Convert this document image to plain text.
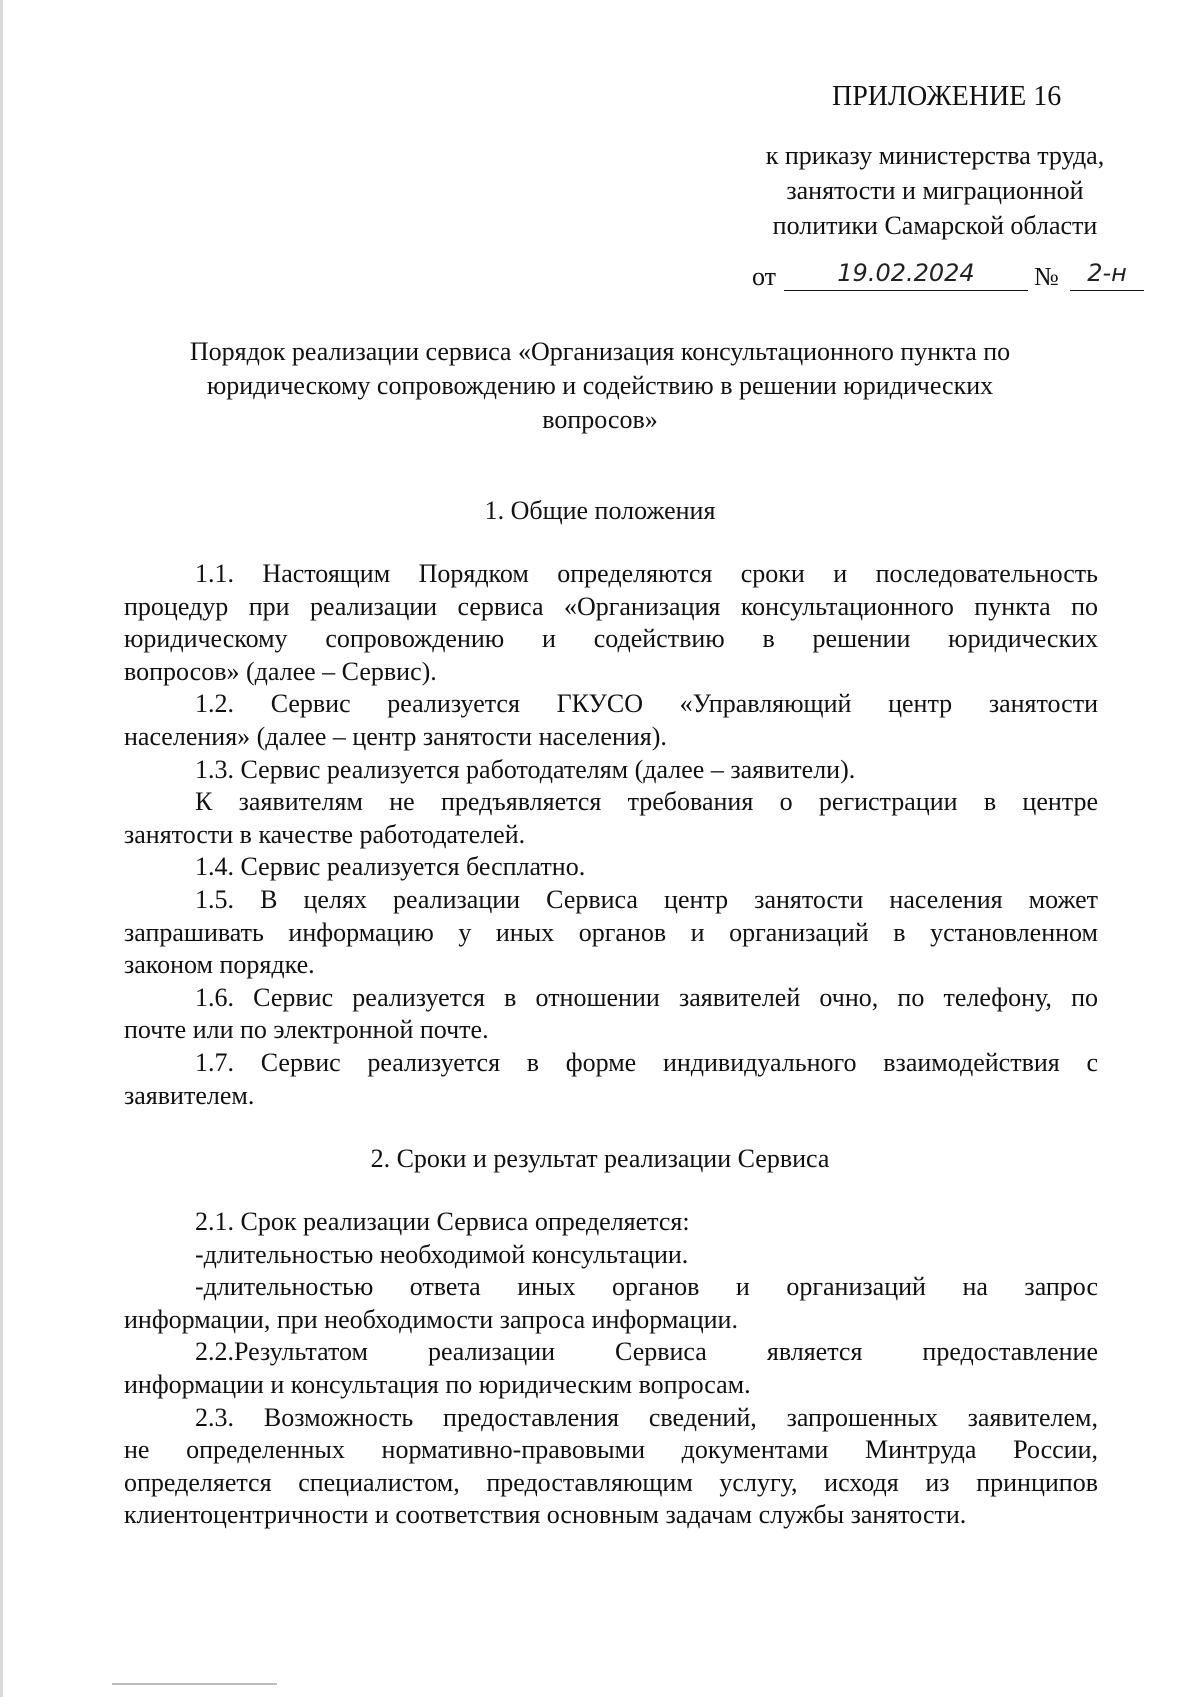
ПРИЛОЖЕНИЕ 16
к приказу министерства труда,
занятости и миграционной
политики Самарской области
от	19.02.2024	№	2-н
Порядок реализации сервиса «Организация консультационного пункта по
юридическому сопровождению и содействию в решении юридических
вопросов»
1. Общие положения
1.1. Настоящим Порядком определяются сроки и последовательность
процедур при реализации сервиса «Организация консультационного пункта по
юридическому сопровождению и содействию в решении юридических
вопросов» (далее – Сервис).
1.2. Сервис реализуется ГКУСО «Управляющий центр занятости
населения» (далее – центр занятости населения).
1.3. Сервис реализуется работодателям (далее – заявители).
К заявителям не предъявляется требования о регистрации в центре
занятости в качестве работодателей.
1.4. Сервис реализуется бесплатно.
1.5. В целях реализации Сервиса центр занятости населения может
запрашивать информацию у иных органов и организаций в установленном
законом порядке.
1.6. Сервис реализуется в отношении заявителей очно, по телефону, по
почте или по электронной почте.
1.7. Сервис реализуется в форме индивидуального взаимодействия с
заявителем.
2. Сроки и результат реализации Сервиса
2.1. Срок реализации Сервиса определяется:
-длительностью необходимой консультации.
-длительностью ответа иных органов и организаций на запрос
информации, при необходимости запроса информации.
2.2.Результатом реализации Сервиса является предоставление
информации и консультация по юридическим вопросам.
2.3. Возможность предоставления сведений, запрошенных заявителем,
не определенных нормативно-правовыми документами Минтруда России,
определяется специалистом, предоставляющим услугу, исходя из принципов
клиентоцентричности и соответствия основным задачам службы занятости.
